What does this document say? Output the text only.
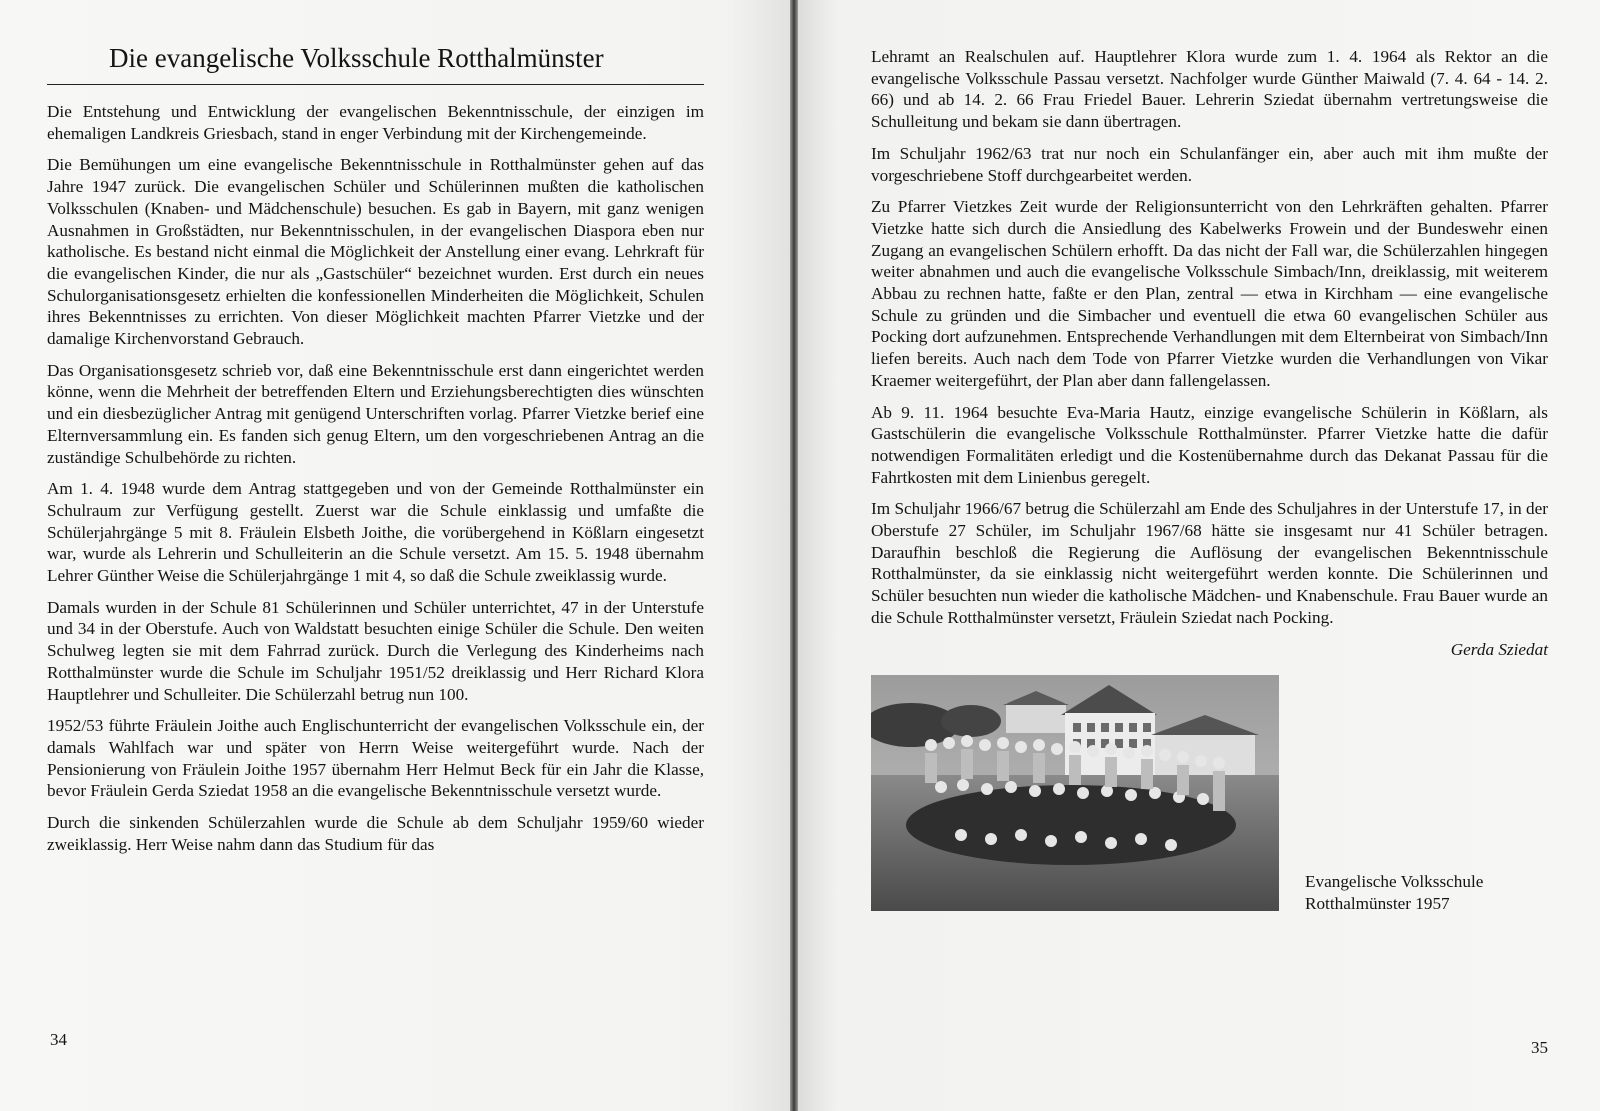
Die evangelische Volksschule Rotthalmünster

Die Entstehung und Entwicklung der evangelischen Bekenntnisschule, der einzigen im ehemaligen Landkreis Griesbach, stand in enger Verbindung mit der Kirchengemeinde.

Die Bemühungen um eine evangelische Bekenntnisschule in Rotthalmünster gehen auf das Jahre 1947 zurück. Die evangelischen Schüler und Schülerinnen mußten die katholischen Volksschulen (Knaben- und Mädchenschule) besuchen. Es gab in Bayern, mit ganz wenigen Ausnahmen in Großstädten, nur Bekenntnisschulen, in der evangelischen Diaspora eben nur katholische. Es bestand nicht einmal die Möglichkeit der Anstellung einer evang. Lehrkraft für die evangelischen Kinder, die nur als „Gastschüler“ bezeichnet wurden. Erst durch ein neues Schulorganisationsgesetz erhielten die konfessionellen Minderheiten die Möglichkeit, Schulen ihres Bekenntnisses zu errichten. Von dieser Möglichkeit machten Pfarrer Vietzke und der damalige Kirchenvorstand Gebrauch.

Das Organisationsgesetz schrieb vor, daß eine Bekenntnisschule erst dann eingerichtet werden könne, wenn die Mehrheit der betreffenden Eltern und Erziehungsberechtigten dies wünschten und ein diesbezüglicher Antrag mit genügend Unterschriften vorlag. Pfarrer Vietzke berief eine Elternversammlung ein. Es fanden sich genug Eltern, um den vorgeschriebenen Antrag an die zuständige Schulbehörde zu richten.

Am 1. 4. 1948 wurde dem Antrag stattgegeben und von der Gemeinde Rotthalmünster ein Schulraum zur Verfügung gestellt. Zuerst war die Schule einklassig und umfaßte die Schülerjahrgänge 5 mit 8. Fräulein Elsbeth Joithe, die vorübergehend in Kößlarn eingesetzt war, wurde als Lehrerin und Schulleiterin an die Schule versetzt. Am 15. 5. 1948 übernahm Lehrer Günther Weise die Schülerjahrgänge 1 mit 4, so daß die Schule zweiklassig wurde.

Damals wurden in der Schule 81 Schülerinnen und Schüler unterrichtet, 47 in der Unterstufe und 34 in der Oberstufe. Auch von Waldstatt besuchten einige Schüler die Schule. Den weiten Schulweg legten sie mit dem Fahrrad zurück. Durch die Verlegung des Kinderheims nach Rotthalmünster wurde die Schule im Schuljahr 1951/52 dreiklassig und Herr Richard Klora Hauptlehrer und Schulleiter. Die Schülerzahl betrug nun 100.

1952/53 führte Fräulein Joithe auch Englischunterricht der evangelischen Volksschule ein, der damals Wahlfach war und später von Herrn Weise weitergeführt wurde. Nach der Pensionierung von Fräulein Joithe 1957 übernahm Herr Helmut Beck für ein Jahr die Klasse, bevor Fräulein Gerda Sziedat 1958 an die evangelische Bekenntnisschule versetzt wurde.

Durch die sinkenden Schülerzahlen wurde die Schule ab dem Schuljahr 1959/60 wieder zweiklassig. Herr Weise nahm dann das Studium für das

34

Lehramt an Realschulen auf. Hauptlehrer Klora wurde zum 1. 4. 1964 als Rektor an die evangelische Volksschule Passau versetzt. Nachfolger wurde Günther Maiwald (7. 4. 64 - 14. 2. 66) und ab 14. 2. 66 Frau Friedel Bauer. Lehrerin Sziedat übernahm vertretungsweise die Schulleitung und bekam sie dann übertragen.

Im Schuljahr 1962/63 trat nur noch ein Schulanfänger ein, aber auch mit ihm mußte der vorgeschriebene Stoff durchgearbeitet werden.

Zu Pfarrer Vietzkes Zeit wurde der Religionsunterricht von den Lehrkräften gehalten. Pfarrer Vietzke hatte sich durch die Ansiedlung des Kabelwerks Frowein und der Bundeswehr einen Zugang an evangelischen Schülern erhofft. Da das nicht der Fall war, die Schülerzahlen hingegen weiter abnahmen und auch die evangelische Volksschule Simbach/Inn, dreiklassig, mit weiterem Abbau zu rechnen hatte, faßte er den Plan, zentral — etwa in Kirchham — eine evangelische Schule zu gründen und die Simbacher und eventuell die etwa 60 evangelischen Schüler aus Pocking dort aufzunehmen. Entsprechende Verhandlungen mit dem Elternbeirat von Simbach/Inn liefen bereits. Auch nach dem Tode von Pfarrer Vietzke wurden die Verhandlungen von Vikar Kraemer weitergeführt, der Plan aber dann fallengelassen.

Ab 9. 11. 1964 besuchte Eva-Maria Hautz, einzige evangelische Schülerin in Kößlarn, als Gastschülerin die evangelische Volksschule Rotthalmünster. Pfarrer Vietzke hatte die dafür notwendigen Formalitäten erledigt und die Kostenübernahme durch das Dekanat Passau für die Fahrtkosten mit dem Linienbus geregelt.

Im Schuljahr 1966/67 betrug die Schülerzahl am Ende des Schuljahres in der Unterstufe 17, in der Oberstufe 27 Schüler, im Schuljahr 1967/68 hätte sie insgesamt nur 41 Schüler betragen. Daraufhin beschloß die Regierung die Auflösung der evangelischen Bekenntnisschule Rotthalmünster, da sie einklassig nicht weitergeführt werden konnte. Die Schülerinnen und Schüler besuchten nun wieder die katholische Mädchen- und Knabenschule. Frau Bauer wurde an die Schule Rotthalmünster versetzt, Fräulein Sziedat nach Pocking.

Gerda Sziedat
Evangelische Volksschule
Rotthalmünster 1957
35
